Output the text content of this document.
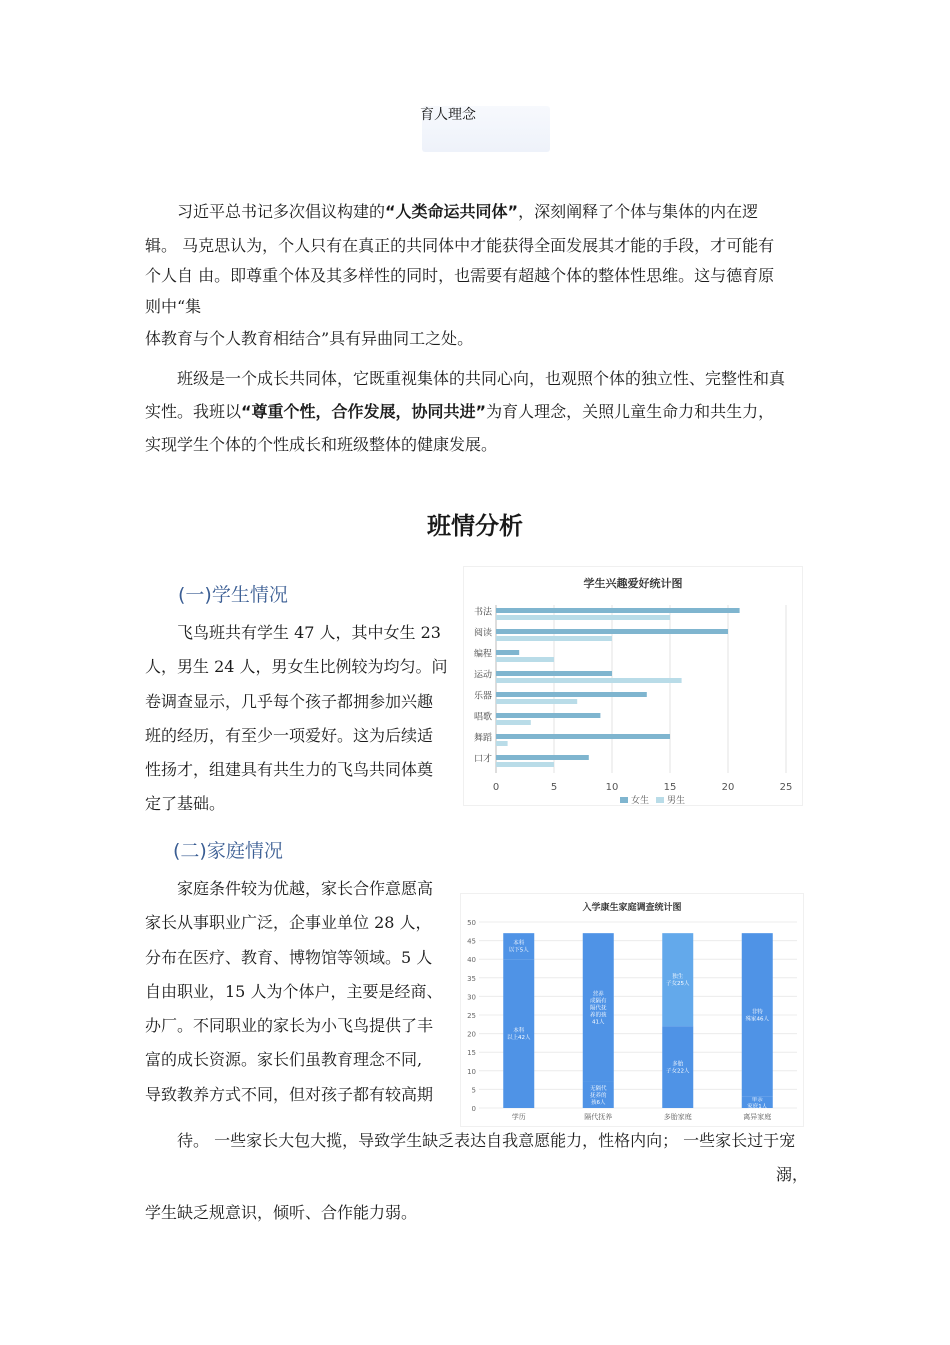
育人理念

习近平总书记多次倡议构建的“人类命运共同体”，深刻阐释了个体与集体的内在逻

辑。 马克思认为，个人只有在真正的共同体中才能获得全面发展其才能的手段，才可能有

个人自 由。即尊重个体及其多样性的同时，也需要有超越个体的整体性思维。这与德育原

则中“集

体教育与个人教育相结合”具有异曲同工之处。

班级是一个成长共同体，它既重视集体的共同心向，也观照个体的独立性、完整性和真

实性。我班以“尊重个性，合作发展，协同共进”为育人理念，关照儿童生命力和共生力，

实现学生个体的个性成长和班级整体的健康发展。

班情分析
(一)学生情况
飞鸟班共有学生 47 人，其中女生 23
人，男生 24 人，男女生比例较为均匀。问
卷调查显示，几乎每个孩子都拥参加兴趣
班的经历，有至少一项爱好。这为后续适
性扬才，组建具有共生力的飞鸟共同体奠
定了基础。
学生兴趣爱好统计图
0	5	10	15	20	25
书法
阅读
编程
运动
乐器
唱歌
舞蹈
口才
女生 男生
(二)家庭情况
家庭条件较为优越，家长合作意愿高
家长从事职业广泛，企事业单位 28 人，
分布在医疗、教育、博物馆等领域。5 人
自由职业，15 人为个体户，主要是经商、
办厂。不同职业的家长为小飞鸟提供了丰
富的成长资源。家长们虽教育理念不同,
导致教养方式不同，但对孩子都有较高期
入学康生家庭调查统计图
0
5
10
15
20
25
30
35
40
45
50
本科
以上42人
本科
以下5人
学历
无隔代
抚养的
孩6人
营养
成隔有
隔代抚
养的孩
41人
隔代抚养
多胎
子女22人
独生
子女25人
多胎家庭
单亲
家庭1人
非特
殊家46人
离异家庭

待。 一些家长大包大揽，导致学生缺乏表达自我意愿能力，性格内向； 一些家长过于宠

溺，

学生缺乏规意识，倾听、合作能力弱。
